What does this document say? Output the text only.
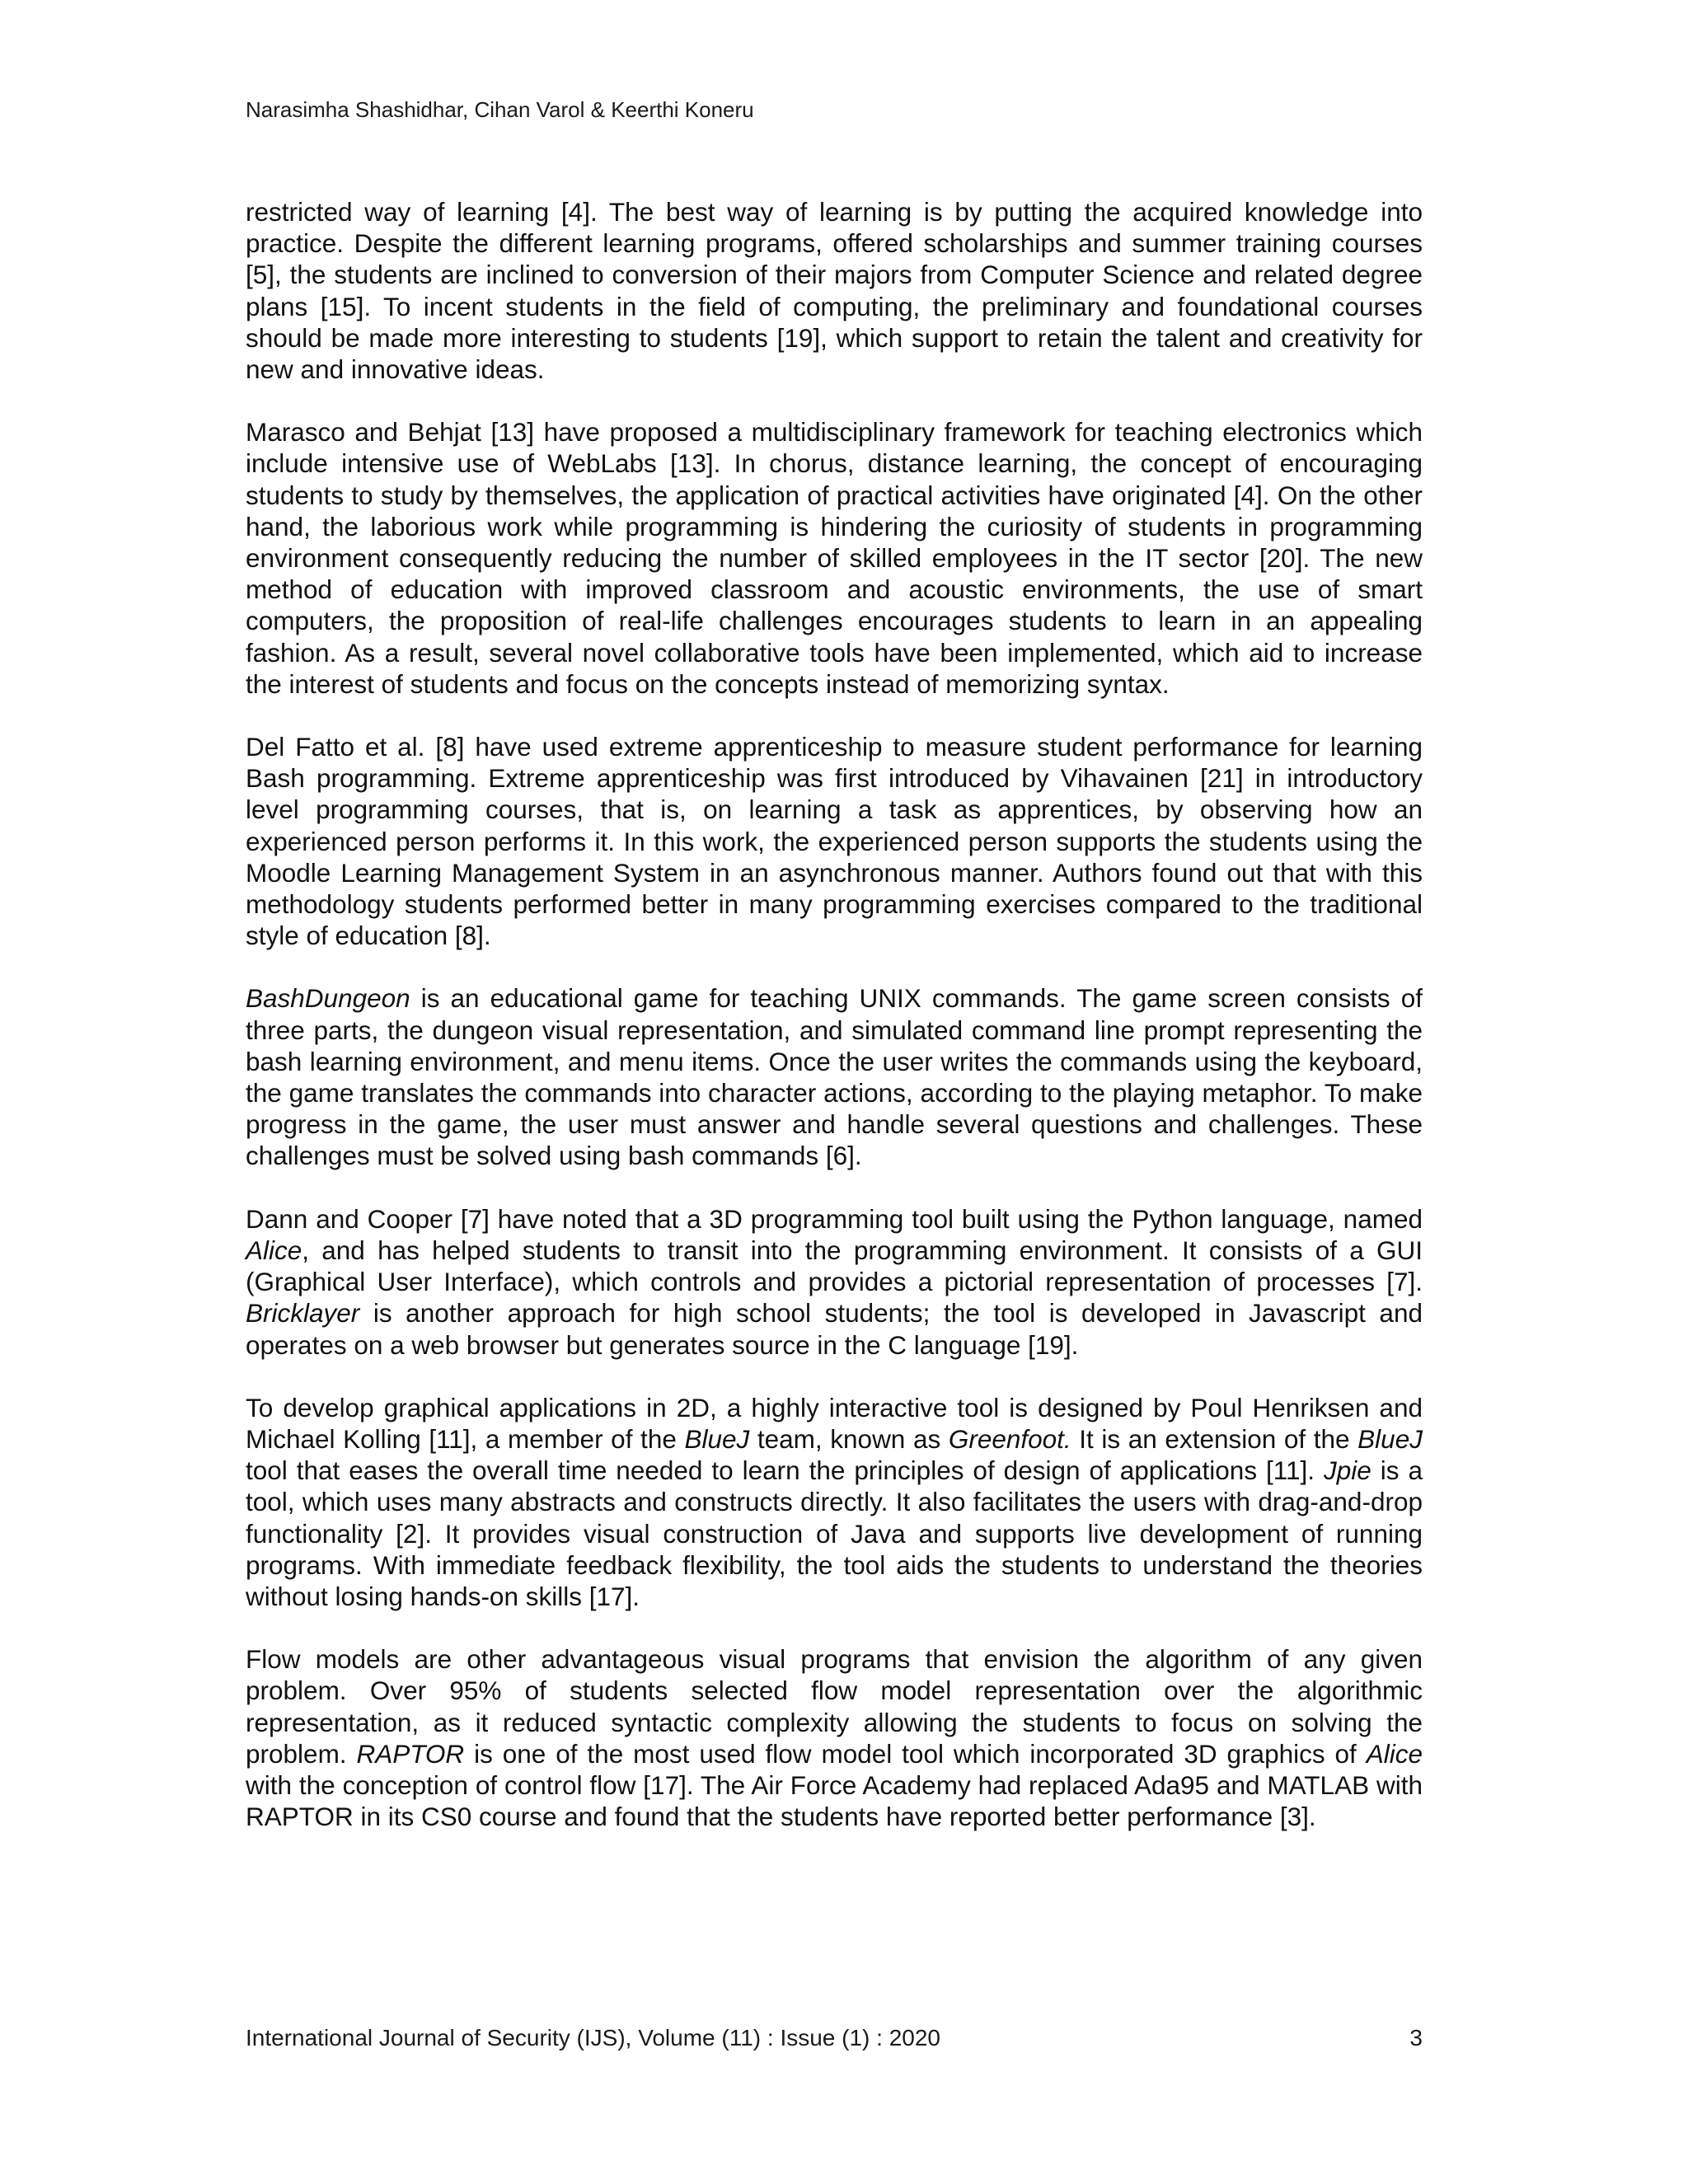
Narasimha Shashidhar, Cihan Varol & Keerthi Koneru

restricted way of learning [4]. The best way of learning is by putting the acquired knowledge into practice. Despite the different learning programs, offered scholarships and summer training courses [5], the students are inclined to conversion of their majors from Computer Science and related degree plans [15]. To incent students in the field of computing, the preliminary and foundational courses should be made more interesting to students [19], which support to retain the talent and creativity for new and innovative ideas.

Marasco and Behjat [13] have proposed a multidisciplinary framework for teaching electronics which include intensive use of WebLabs [13]. In chorus, distance learning, the concept of encouraging students to study by themselves, the application of practical activities have originated [4]. On the other hand, the laborious work while programming is hindering the curiosity of students in programming environment consequently reducing the number of skilled employees in the IT sector [20]. The new method of education with improved classroom and acoustic environments, the use of smart computers, the proposition of real-life challenges encourages students to learn in an appealing fashion. As a result, several novel collaborative tools have been implemented, which aid to increase the interest of students and focus on the concepts instead of memorizing syntax.

Del Fatto et al. [8] have used extreme apprenticeship to measure student performance for learning Bash programming. Extreme apprenticeship was first introduced by Vihavainen [21] in introductory level programming courses, that is, on learning a task as apprentices, by observing how an experienced person performs it. In this work, the experienced person supports the students using the Moodle Learning Management System in an asynchronous manner. Authors found out that with this methodology students performed better in many programming exercises compared to the traditional style of education [8].

BashDungeon is an educational game for teaching UNIX commands. The game screen consists of three parts, the dungeon visual representation, and simulated command line prompt representing the bash learning environment, and menu items. Once the user writes the commands using the keyboard, the game translates the commands into character actions, according to the playing metaphor. To make progress in the game, the user must answer and handle several questions and challenges. These challenges must be solved using bash commands [6].

Dann and Cooper [7] have noted that a 3D programming tool built using the Python language, named Alice, and has helped students to transit into the programming environment. It consists of a GUI (Graphical User Interface), which controls and provides a pictorial representation of processes [7]. Bricklayer is another approach for high school students; the tool is developed in Javascript and operates on a web browser but generates source in the C language [19].

To develop graphical applications in 2D, a highly interactive tool is designed by Poul Henriksen and Michael Kolling [11], a member of the BlueJ team, known as Greenfoot. It is an extension of the BlueJ tool that eases the overall time needed to learn the principles of design of applications [11]. Jpie is a tool, which uses many abstracts and constructs directly. It also facilitates the users with drag-and-drop functionality [2]. It provides visual construction of Java and supports live development of running programs. With immediate feedback flexibility, the tool aids the students to understand the theories without losing hands-on skills [17].

Flow models are other advantageous visual programs that envision the algorithm of any given problem. Over 95% of students selected flow model representation over the algorithmic representation, as it reduced syntactic complexity allowing the students to focus on solving the problem. RAPTOR is one of the most used flow model tool which incorporated 3D graphics of Alice with the conception of control flow [17]. The Air Force Academy had replaced Ada95 and MATLAB with RAPTOR in its CS0 course and found that the students have reported better performance [3].

International Journal of Security (IJS), Volume (11) : Issue (1) : 2020	3
